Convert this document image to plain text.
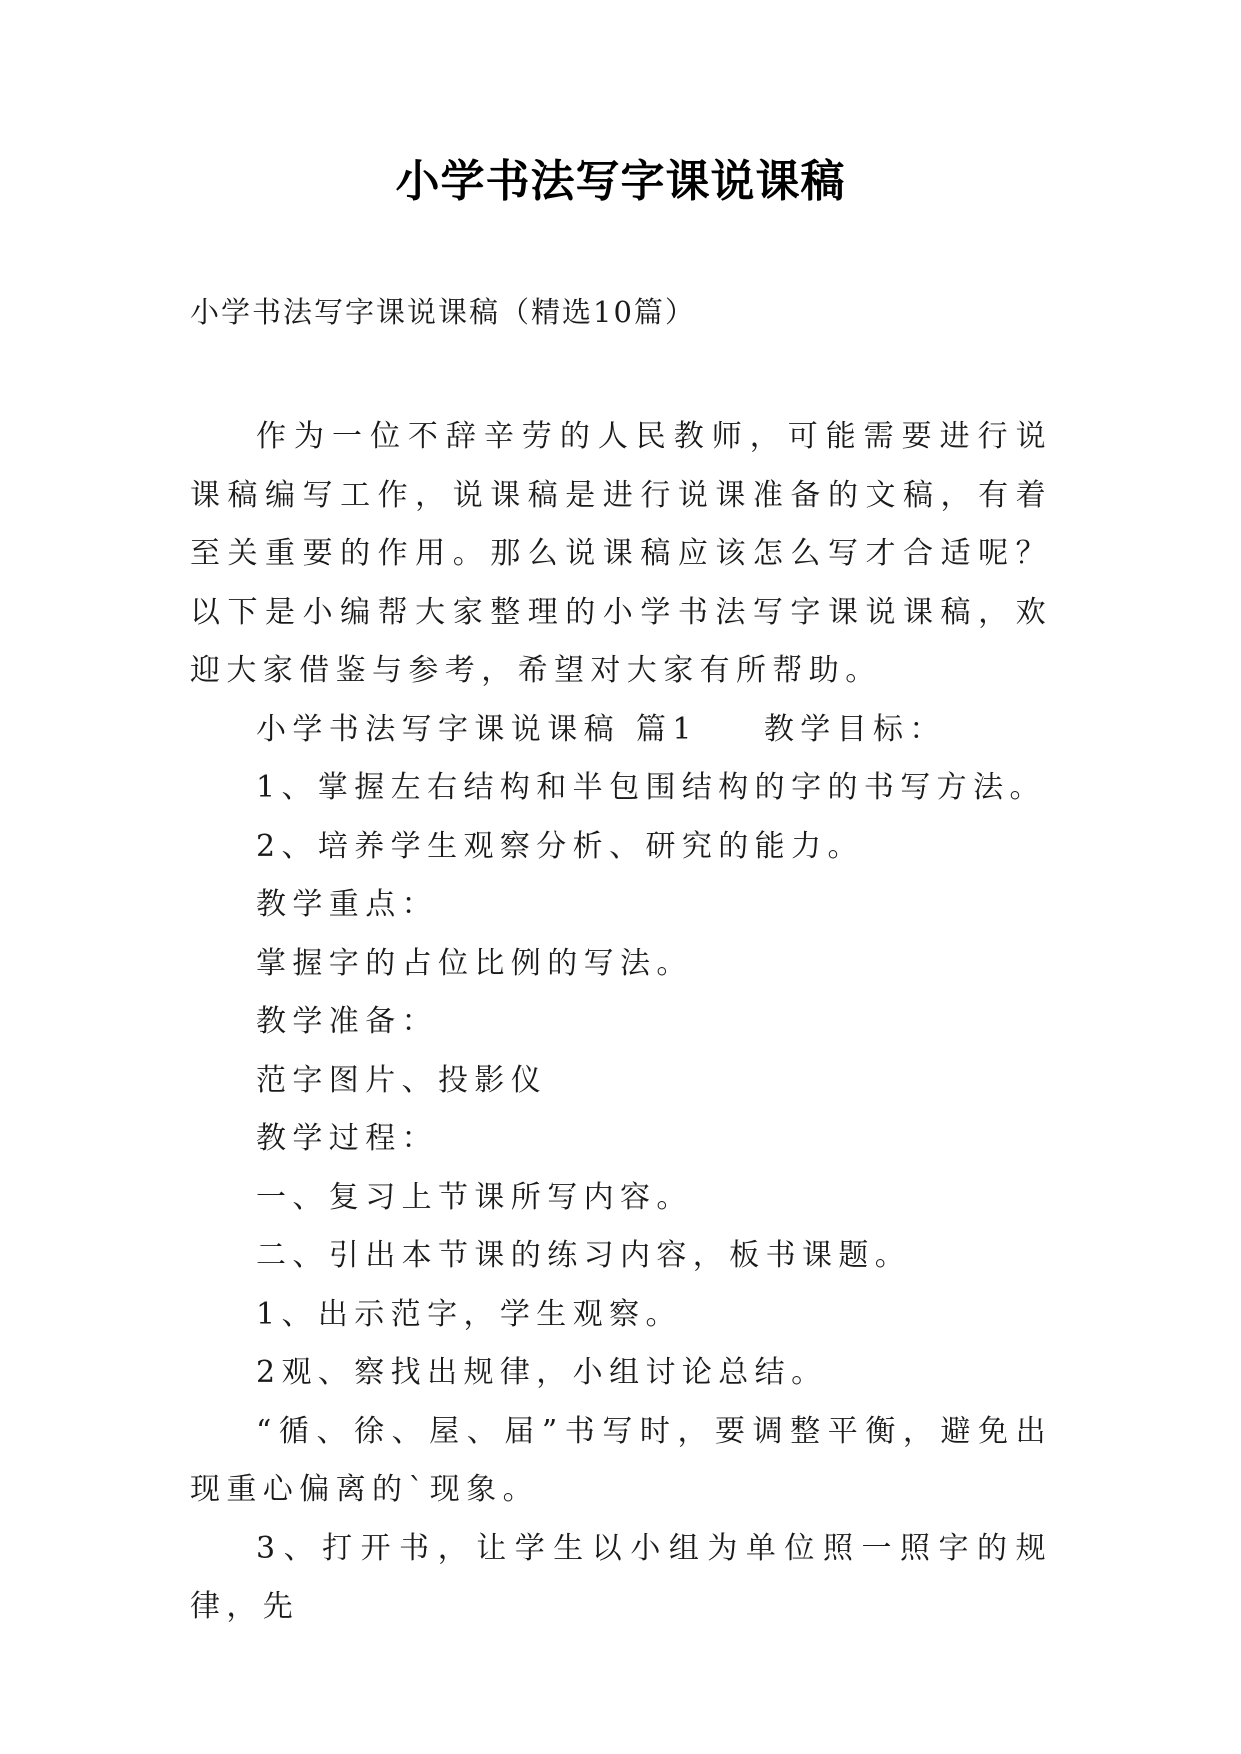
小学书法写字课说课稿
小学书法写字课说课稿（精选10篇）

作为一位不辞辛劳的人民教师，可能需要进行说课稿编写工作，说课稿是进行说课准备的文稿，有着至关重要的作用。那么说课稿应该怎么写才合适呢？以下是小编帮大家整理的小学书法写字课说课稿，欢迎大家借鉴与参考，希望对大家有所帮助。

小学书法写字课说课稿 篇1 教学目标：

1、掌握左右结构和半包围结构的字的书写方法。

2、培养学生观察分析、研究的能力。

教学重点：

掌握字的占位比例的写法。

教学准备：

范字图片、投影仪

教学过程：

一、复习上节课所写内容。

二、引出本节课的练习内容，板书课题。

1、出示范字，学生观察。

2观、察找出规律，小组讨论总结。

“循、徐、屋、届”书写时，要调整平衡，避免出现重心偏离的`现象。

3、打开书，让学生以小组为单位照一照字的规律，先
